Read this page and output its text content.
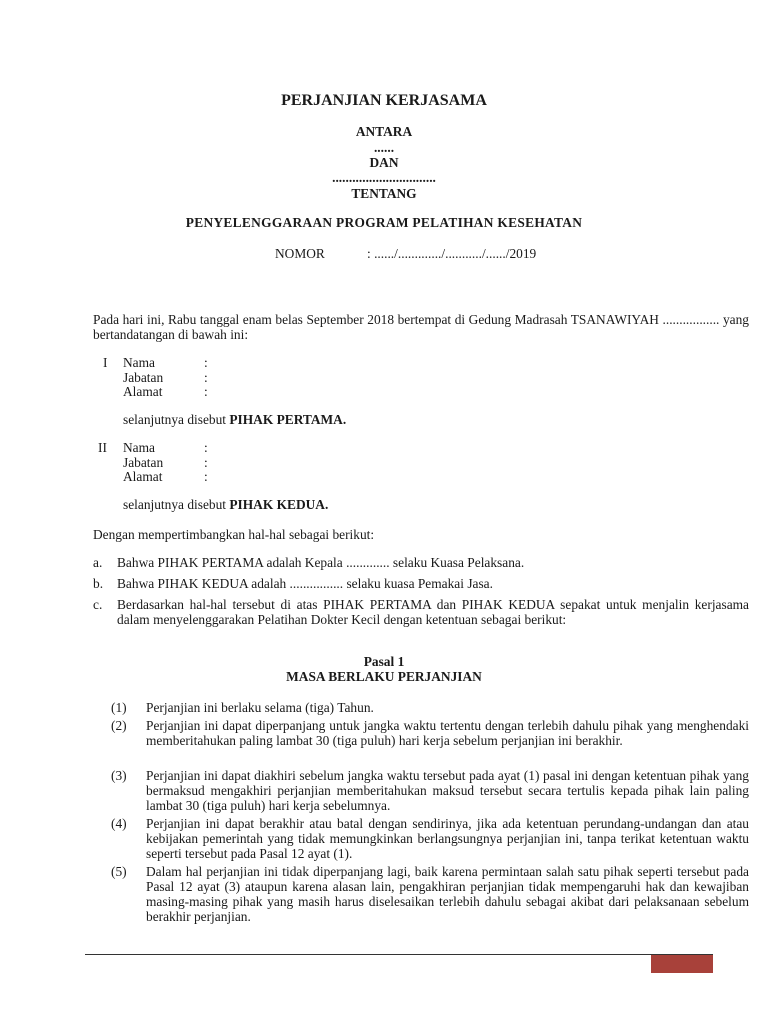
PERJANJIAN KERJASAMA
ANTARA
......
DAN
...............................
TENTANG
PENYELENGGARAAN PROGRAM PELATIHAN KESEHATAN
NOMOR	: ....../............./.........../....../2019
Pada hari ini, Rabu tanggal enam belas September 2018 bertempat di Gedung Madrasah TSANAWIYAH ................. yang bertandatangan di bawah ini:
I Nama	:
Jabatan	:
Alamat	:
selanjutnya disebut PIHAK PERTAMA.
II Nama	:
Jabatan	:
Alamat	:
selanjutnya disebut PIHAK KEDUA.
Dengan mempertimbangkan hal-hal sebagai berikut:
a. Bahwa PIHAK PERTAMA adalah Kepala ............. selaku Kuasa Pelaksana.
b. Bahwa PIHAK KEDUA adalah ................ selaku kuasa Pemakai Jasa.
c. Berdasarkan hal-hal tersebut di atas PIHAK PERTAMA dan PIHAK KEDUA sepakat untuk menjalin kerjasama dalam menyelenggarakan Pelatihan Dokter Kecil dengan ketentuan sebagai berikut:
Pasal 1
MASA BERLAKU PERJANJIAN
(1) Perjanjian ini berlaku selama (tiga) Tahun.
(2) Perjanjian ini dapat diperpanjang untuk jangka waktu tertentu dengan terlebih dahulu pihak yang menghendaki memberitahukan paling lambat 30 (tiga puluh) hari kerja sebelum perjanjian ini berakhir.
(3) Perjanjian ini dapat diakhiri sebelum jangka waktu tersebut pada ayat (1) pasal ini dengan ketentuan pihak yang bermaksud mengakhiri perjanjian memberitahukan maksud tersebut secara tertulis kepada pihak lain paling lambat 30 (tiga puluh) hari kerja sebelumnya.
(4) Perjanjian ini dapat berakhir atau batal dengan sendirinya, jika ada ketentuan perundang-undangan dan atau kebijakan pemerintah yang tidak memungkinkan berlangsungnya perjanjian ini, tanpa terikat ketentuan waktu seperti tersebut pada Pasal 12 ayat (1).
(5) Dalam hal perjanjian ini tidak diperpanjang lagi, baik karena permintaan salah satu pihak seperti tersebut pada Pasal 12 ayat (3) ataupun karena alasan lain, pengakhiran perjanjian tidak mempengaruhi hak dan kewajiban masing-masing pihak yang masih harus diselesaikan terlebih dahulu sebagai akibat dari pelaksanaan sebelum berakhir perjanjian.
